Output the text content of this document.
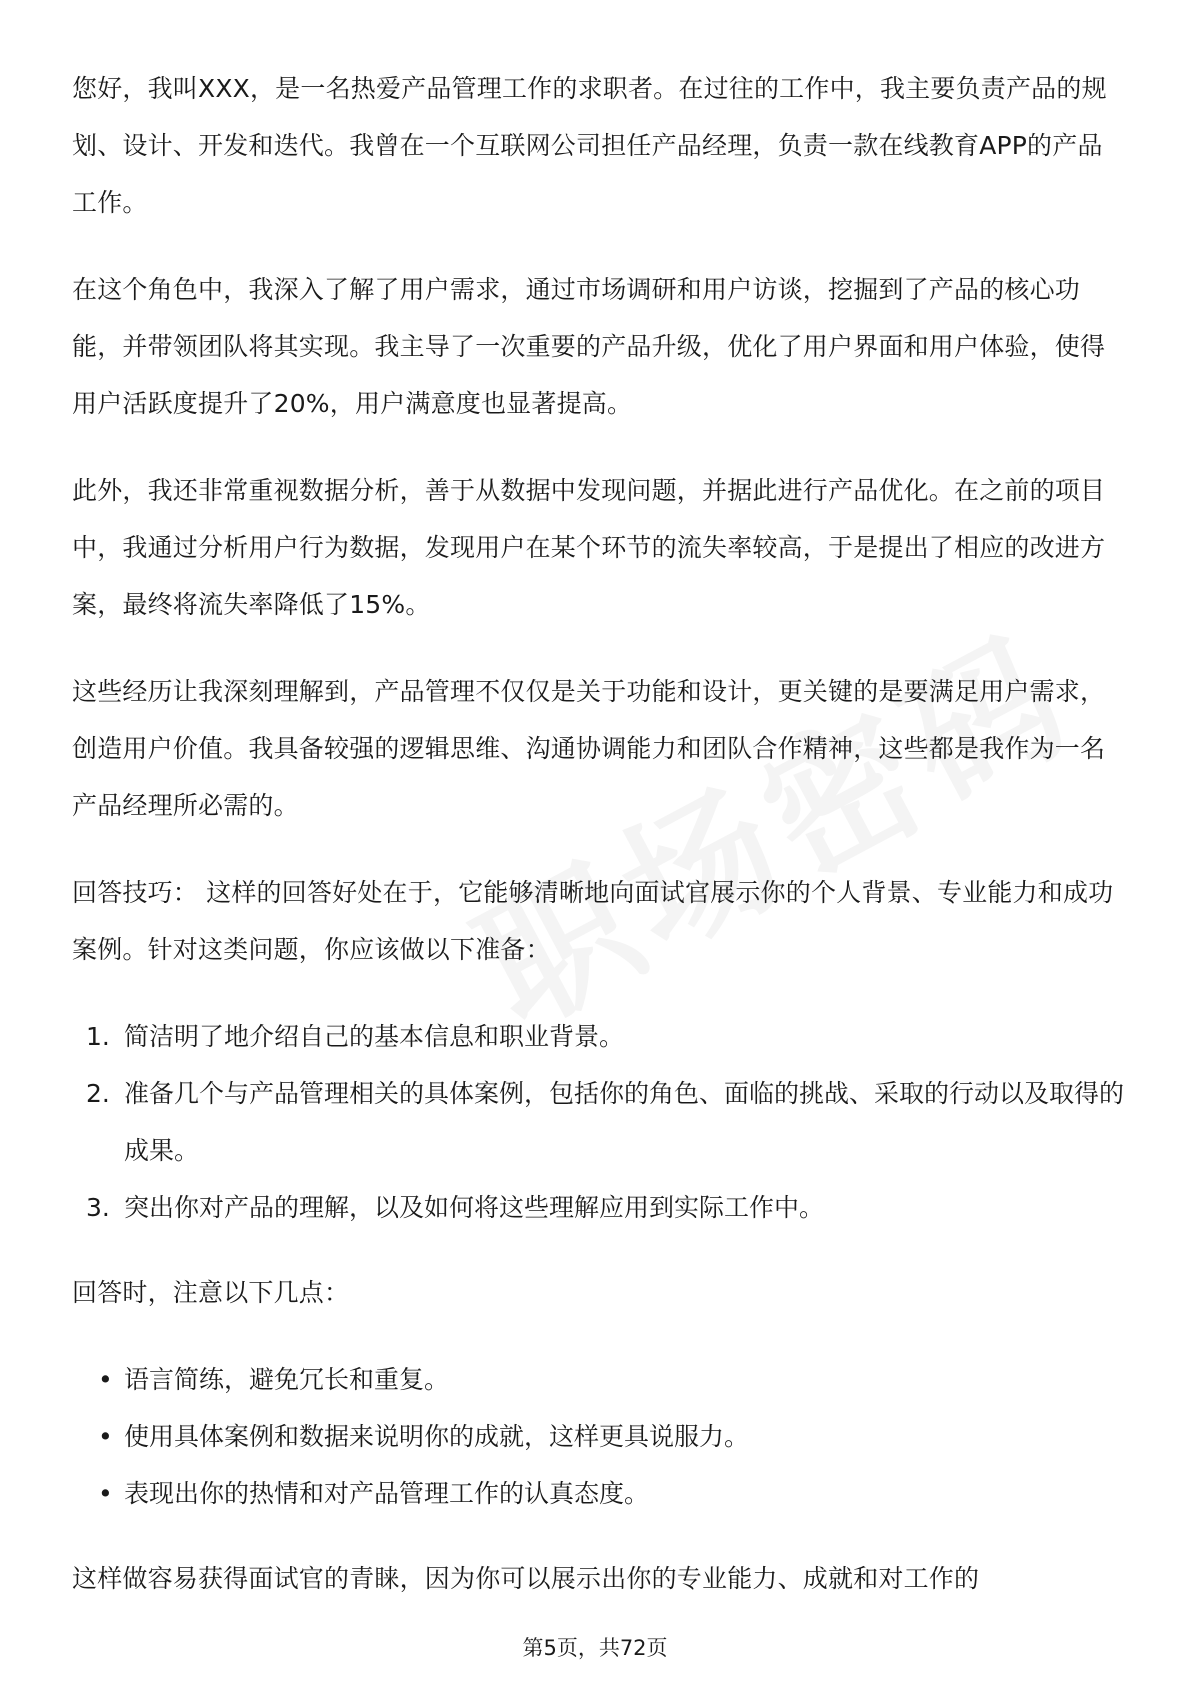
您好，我叫XXX，是一名热爱产品管理工作的求职者。在过往的工作中，我主要负责产品的规划、设计、开发和迭代。我曾在一个互联网公司担任产品经理，负责一款在线教育APP的产品工作。

在这个角色中，我深入了解了用户需求，通过市场调研和用户访谈，挖掘到了产品的核心功能，并带领团队将其实现。我主导了一次重要的产品升级，优化了用户界面和用户体验，使得用户活跃度提升了20%，用户满意度也显著提高。

此外，我还非常重视数据分析，善于从数据中发现问题，并据此进行产品优化。在之前的项目中，我通过分析用户行为数据，发现用户在某个环节的流失率较高，于是提出了相应的改进方案，最终将流失率降低了15%。

这些经历让我深刻理解到，产品管理不仅仅是关于功能和设计，更关键的是要满足用户需求，创造用户价值。我具备较强的逻辑思维、沟通协调能力和团队合作精神，这些都是我作为一名产品经理所必需的。

回答技巧： 这样的回答好处在于，它能够清晰地向面试官展示你的个人背景、专业能力和成功案例。针对这类问题，你应该做以下准备：

1. 简洁明了地介绍自己的基本信息和职业背景。
2. 准备几个与产品管理相关的具体案例，包括你的角色、面临的挑战、采取的行动以及取得的成果。
3. 突出你对产品的理解，以及如何将这些理解应用到实际工作中。

回答时，注意以下几点：

• 语言简练，避免冗长和重复。
• 使用具体案例和数据来说明你的成就，这样更具说服力。
• 表现出你的热情和对产品管理工作的认真态度。

这样做容易获得面试官的青睐，因为你可以展示出你的专业能力、成就和对工作的

第5页，共72页
